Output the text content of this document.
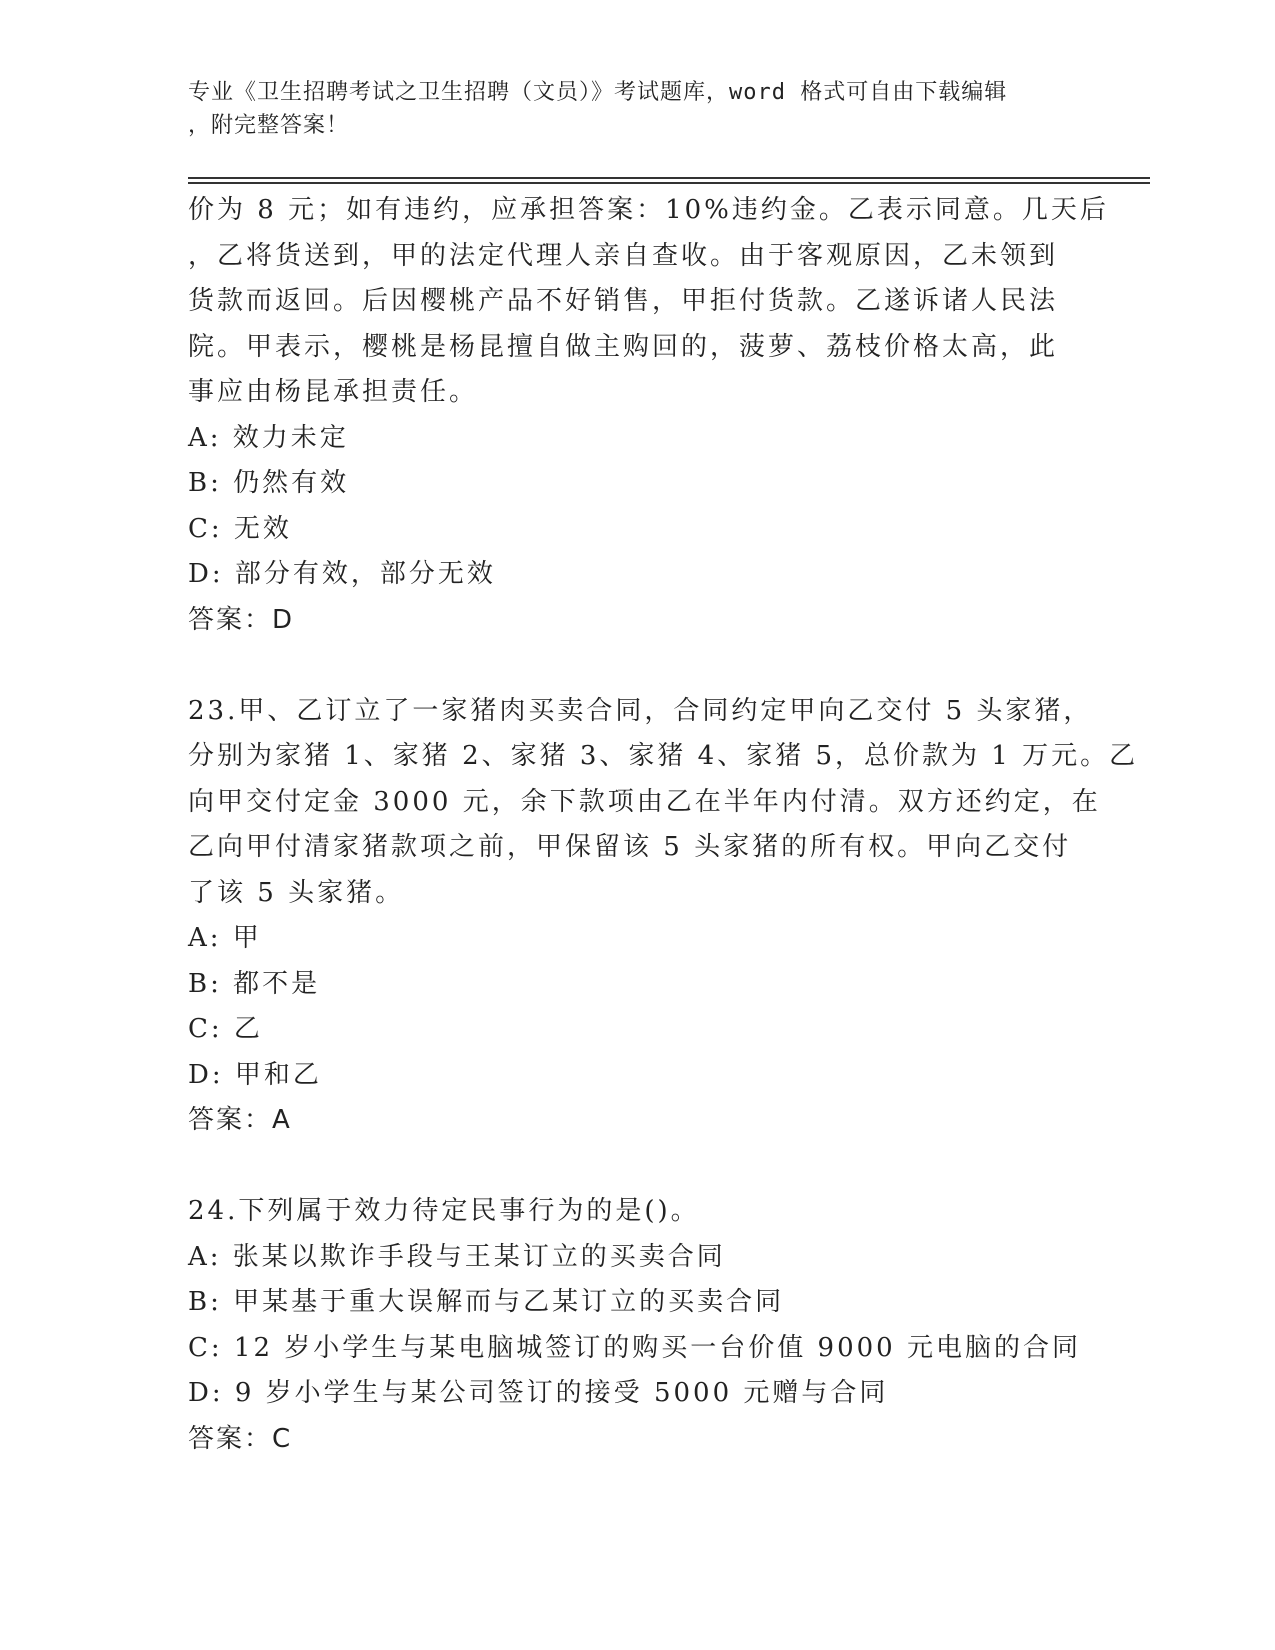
专业《卫生招聘考试之卫生招聘（文员）》考试题库，word 格式可自由下载编辑
，附完整答案！
价为 8 元；如有违约，应承担答案：10%违约金。乙表示同意。几天后
，乙将货送到，甲的法定代理人亲自查收。由于客观原因，乙未领到
货款而返回。后因樱桃产品不好销售，甲拒付货款。乙遂诉诸人民法
院。甲表示，樱桃是杨昆擅自做主购回的，菠萝、荔枝价格太高，此
事应由杨昆承担责任。
A: 效力未定
B: 仍然有效
C: 无效
D: 部分有效，部分无效
答案：D
23.甲、乙订立了一家猪肉买卖合同，合同约定甲向乙交付 5 头家猪，
分别为家猪 1、家猪 2、家猪 3、家猪 4、家猪 5，总价款为 1 万元。乙
向甲交付定金 3000 元，余下款项由乙在半年内付清。双方还约定，在
乙向甲付清家猪款项之前，甲保留该 5 头家猪的所有权。甲向乙交付
了该 5 头家猪。
A: 甲
B: 都不是
C: 乙
D: 甲和乙
答案：A
24.下列属于效力待定民事行为的是()。
A: 张某以欺诈手段与王某订立的买卖合同
B: 甲某基于重大误解而与乙某订立的买卖合同
C: 12 岁小学生与某电脑城签订的购买一台价值 9000 元电脑的合同
D: 9 岁小学生与某公司签订的接受 5000 元赠与合同
答案：C
